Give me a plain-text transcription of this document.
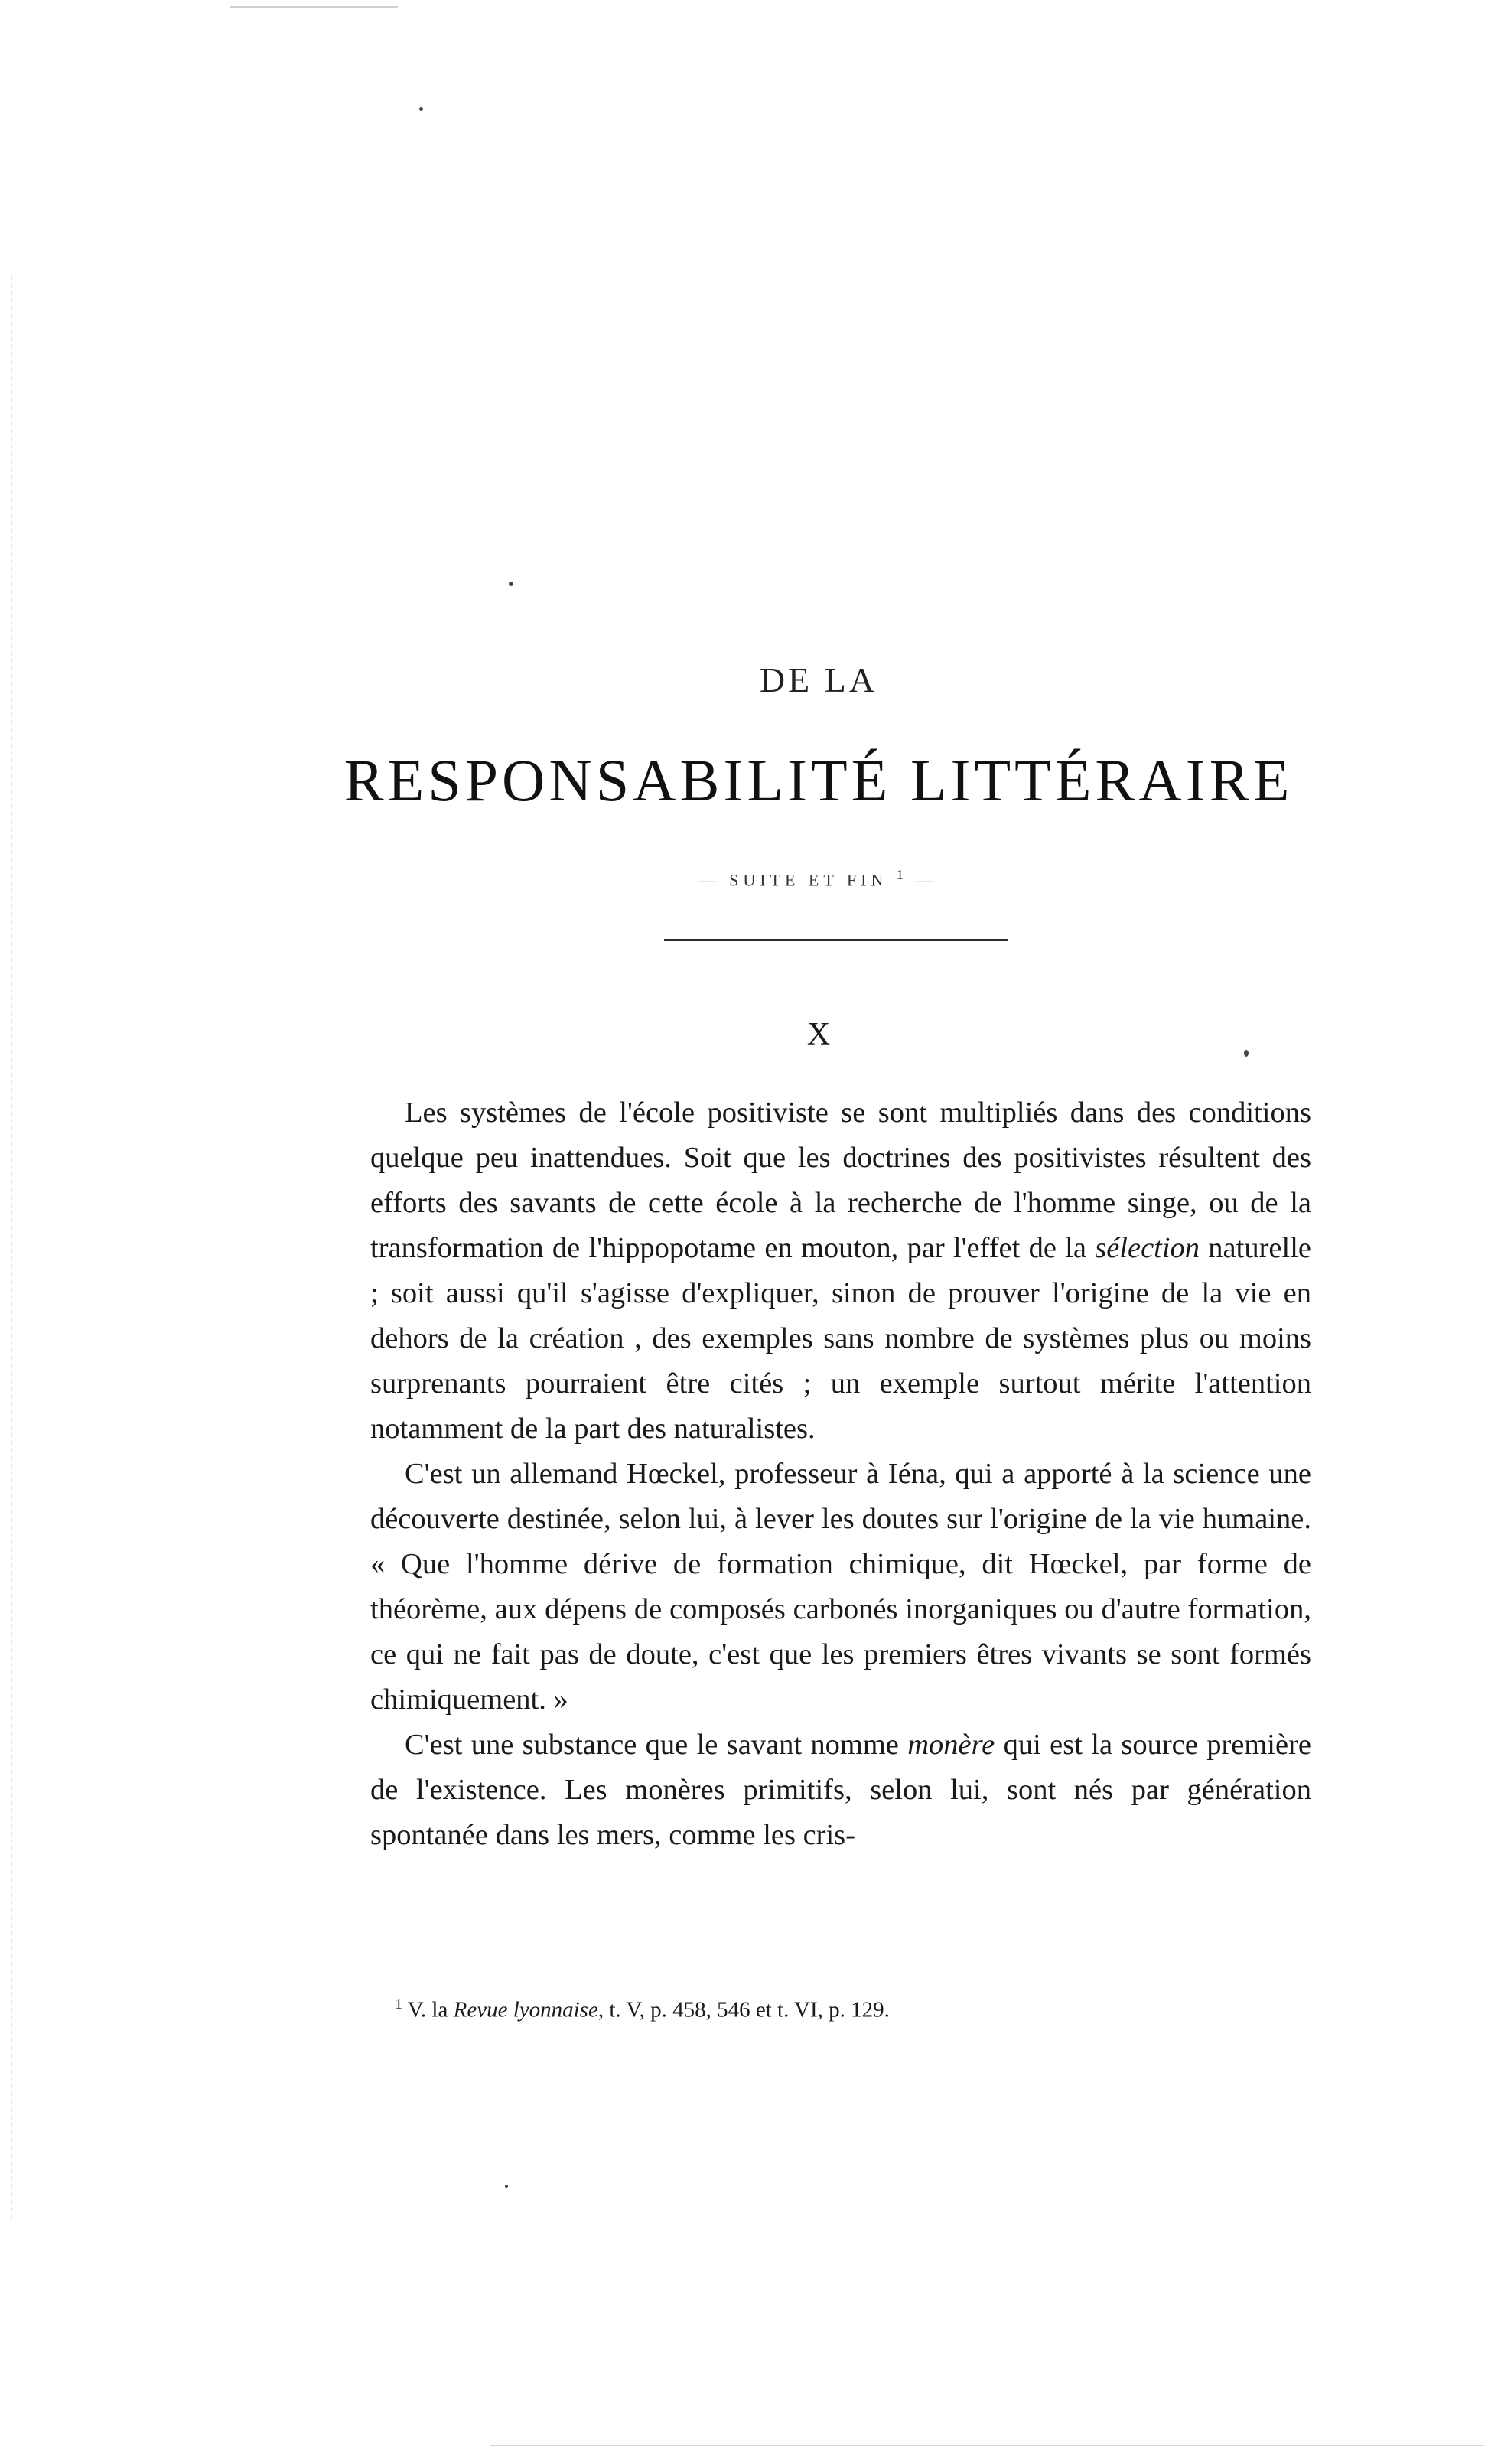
DE LA
RESPONSABILITÉ LITTÉRAIRE
— SUITE ET FIN $^1$ —
X

Les systèmes de l'école positiviste se sont multipliés dans des conditions quelque peu inattendues. Soit que les doctrines des positivistes résultent des efforts des savants de cette école à la recherche de l'homme singe, ou de la transformation de l'hippopotame en mouton, par l'effet de la sélection naturelle ; soit aussi qu'il s'agisse d'expliquer, sinon de prouver l'origine de la vie en dehors de la création , des exemples sans nombre de systèmes plus ou moins surprenants pourraient être cités ; un exemple surtout mérite l'attention notamment de la part des naturalistes.

C'est un allemand Hœckel, professeur à Iéna, qui a apporté à la science une découverte destinée, selon lui, à lever les doutes sur l'origine de la vie humaine. « Que l'homme dérive de formation chimique, dit Hœckel, par forme de théorème, aux dépens de composés carbonés inorganiques ou d'autre formation, ce qui ne fait pas de doute, c'est que les premiers êtres vivants se sont formés chimiquement. »

C'est une substance que le savant nomme monère qui est la source première de l'existence. Les monères primitifs, selon lui, sont nés par génération spontanée dans les mers, comme les cris-

$^1$ V. la Revue lyonnaise, t. V, p. 458, 546 et t. VI, p. 129.
